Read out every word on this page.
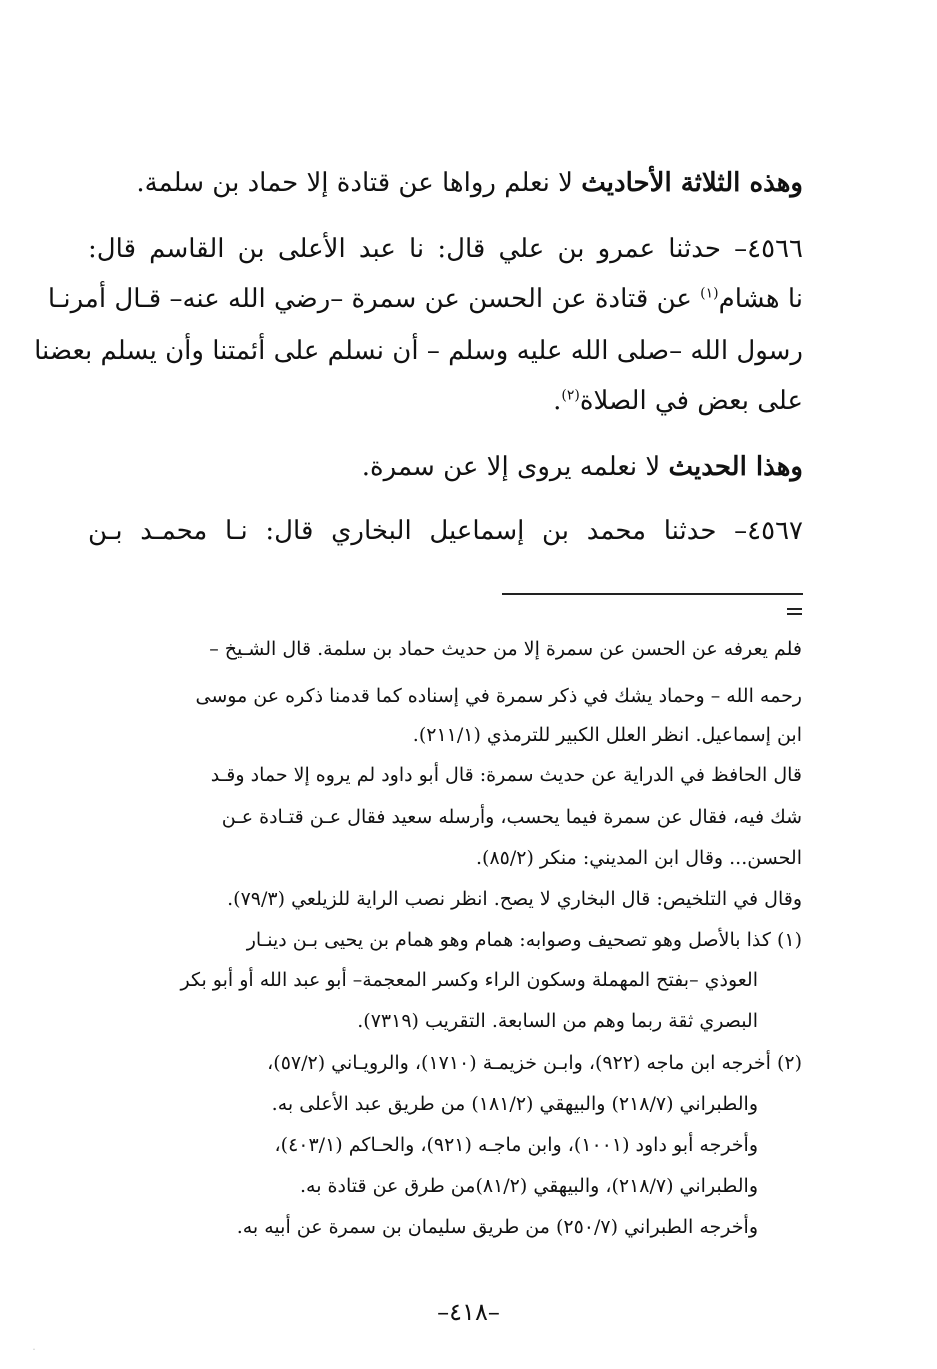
وهذه الثلاثة الأحاديث لا نعلم رواها عن قتادة إلا حماد بن سلمة.
٤٥٦٦– حدثنا عمرو بن علي قال: نا عبد الأعلى بن القاسم قال:
نا هشام$^{(١)}$ عن قتادة عن الحسن عن سمرة –رضي الله عنه– قـال أمرنـا
رسول الله –صلى الله عليه وسلم – أن نسلم على أئمتنا وأن يسلم بعضنا
على بعض في الصلاة$^{(٢)}$.
وهذا الحديث لا نعلمه يروى إلا عن سمرة.
٤٥٦٧– حدثنا محمد بن إسماعيل البخاري قال: نـا محمـد بـن
فلم يعرفه عن الحسن عن سمرة إلا من حديث حماد بن سلمة. قال الشـيخ –
رحمه الله – وحماد يشك في ذكر سمرة في إسناده كما قدمنا ذكره عن موسى
ابن إسماعيل. انظر العلل الكبير للترمذي (٢١١/١).
قال الحافظ في الدراية عن حديث سمرة: قال أبو داود لم يروه إلا حماد وقـد
شك فيه، فقال عن سمرة فيما يحسب، وأرسله سعيد فقال عـن قتـادة عـن
الحسن... وقال ابن المديني: منكر (٨٥/٢).
وقال في التلخيص: قال البخاري لا يصح. انظر نصب الراية للزيلعي (٧٩/٣).
(١) كذا بالأصل وهو تصحيف وصوابه: همام وهو همام بن يحيى بـن دينـار
العوذي –بفتح المهملة وسكون الراء وكسر المعجمة– أبو عبد الله أو أبو بكر
البصري ثقة ربما وهم من السابعة. التقريب (٧٣١٩).
(٢) أخرجه ابن ماجه (٩٢٢)، وابـن خزيمـة (١٧١٠)، والرويـاني (٥٧/٢)،
والطبراني (٢١٨/٧) والبيهقي (١٨١/٢) من طريق عبد الأعلى به.
وأخرجه أبو داود (١٠٠١)، وابن ماجـه (٩٢١)، والحـاكم (٤٠٣/١)،
والطبراني (٢١٨/٧)، والبيهقي (٨١/٢)من طرق عن قتادة به.
وأخرجه الطبراني (٢٥٠/٧) من طريق سليمان بن سمرة عن أبيه به.
–٤١٨–
